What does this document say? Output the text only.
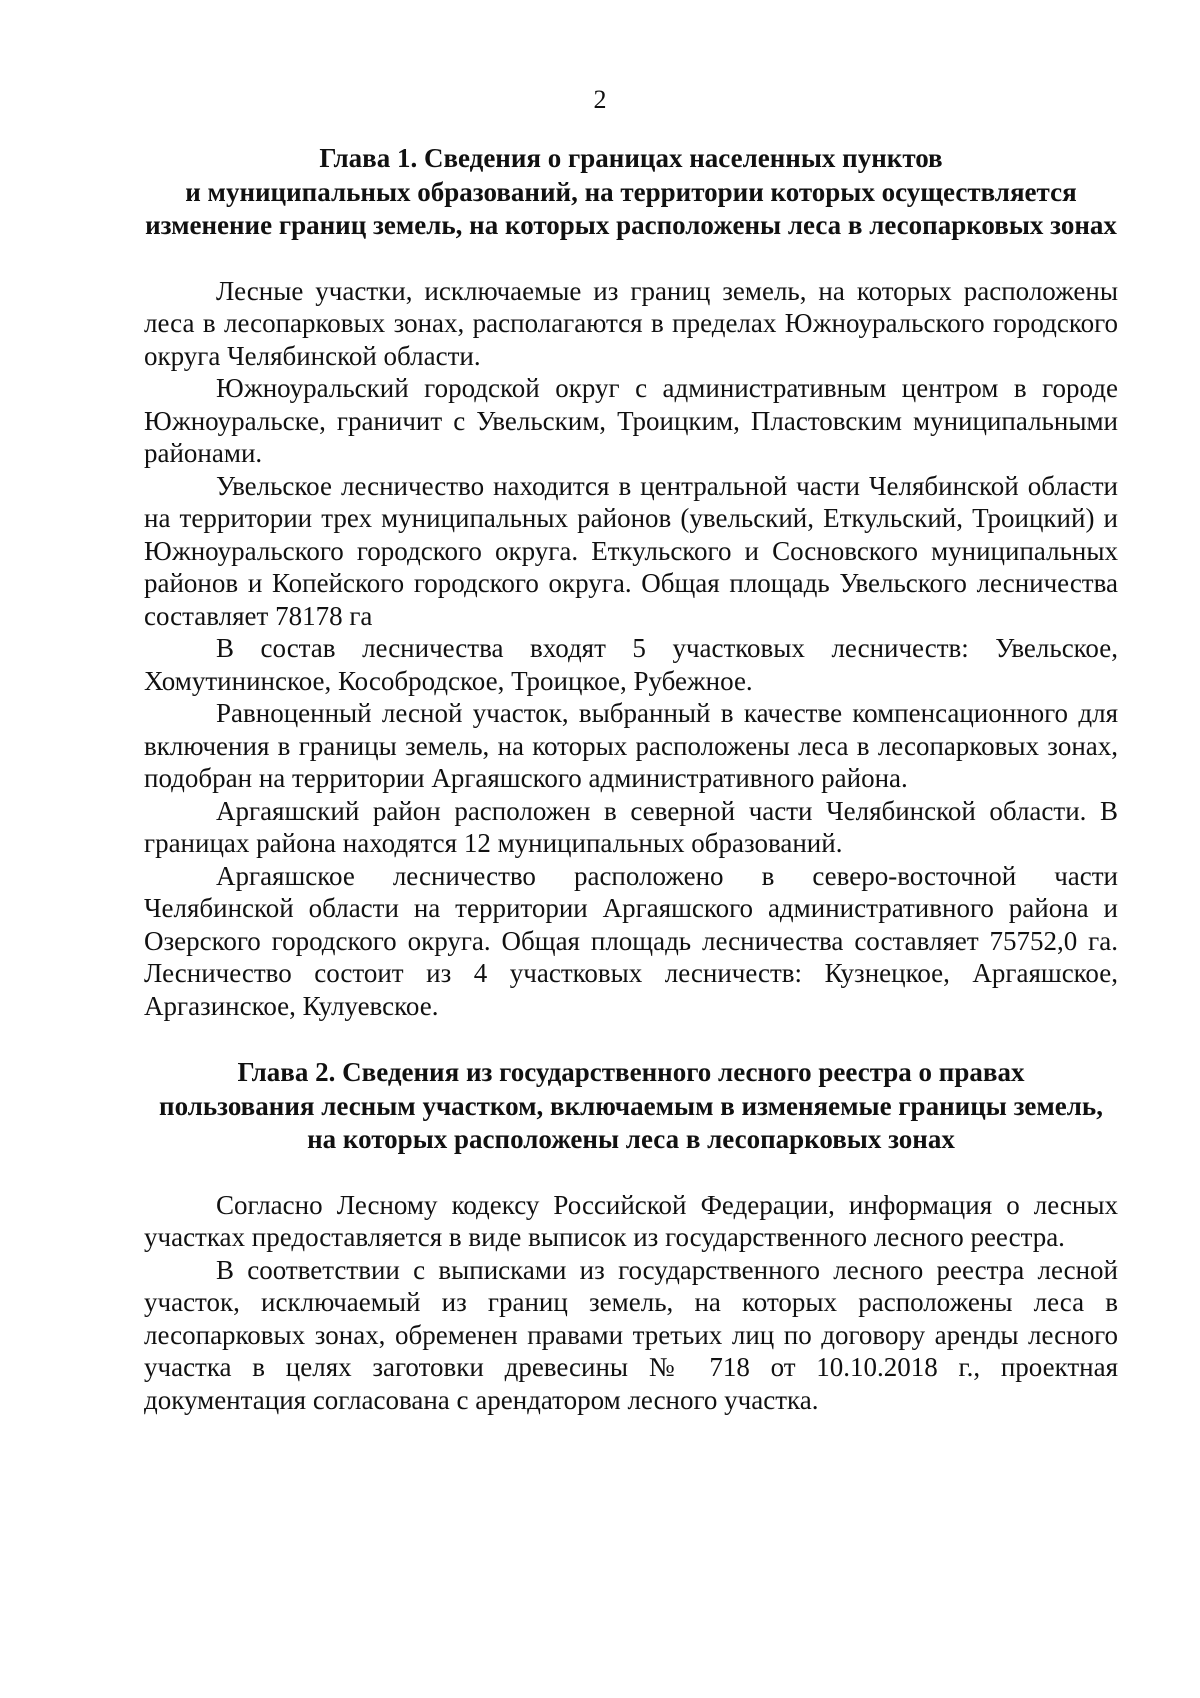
2
Глава 1. Сведения о границах населенных пунктов
и муниципальных образований, на территории которых осуществляется
изменение границ земель, на которых расположены леса в лесопарковых зонах

Лесные участки, исключаемые из границ земель, на которых расположены леса в лесопарковых зонах, располагаются в пределах Южноуральского городского округа Челябинской области.

Южноуральский городской округ с административным центром в городе Южноуральске, граничит с Увельским, Троицким, Пластовским муниципальными районами.

Увельское лесничество находится в центральной части Челябинской области на территории трех муниципальных районов (увельский, Еткульский, Троицкий) и Южноуральского городского округа. Еткульского и Сосновского муниципальных районов и Копейского городского округа. Общая площадь Увельского лесничества составляет 78178 га

В состав лесничества входят 5 участковых лесничеств: Увельское, Хомутининское, Кособродское, Троицкое, Рубежное.

Равноценный лесной участок, выбранный в качестве компенсационного для включения в границы земель, на которых расположены леса в лесопарковых зонах, подобран на территории Аргаяшского административного района.

Аргаяшский район расположен в северной части Челябинской области. В границах района находятся 12 муниципальных образований.

Аргаяшское лесничество расположено в северо-восточной части Челябинской области на территории Аргаяшского административного района и Озерского городского округа. Общая площадь лесничества составляет 75752,0 га. Лесничество состоит из 4 участковых лесничеств: Кузнецкое, Аргаяшское, Аргазинское, Кулуевское.

Глава 2. Сведения из государственного лесного реестра о правах
пользования лесным участком, включаемым в изменяемые границы земель,
на которых расположены леса в лесопарковых зонах

Согласно Лесному кодексу Российской Федерации, информация о лесных участках предоставляется в виде выписок из государственного лесного реестра.

В соответствии с выписками из государственного лесного реестра лесной участок, исключаемый из границ земель, на которых расположены леса в лесопарковых зонах, обременен правами третьих лиц по договору аренды лесного участка в целях заготовки древесины № 718 от 10.10.2018 г., проектная документация согласована с арендатором лесного участка.
